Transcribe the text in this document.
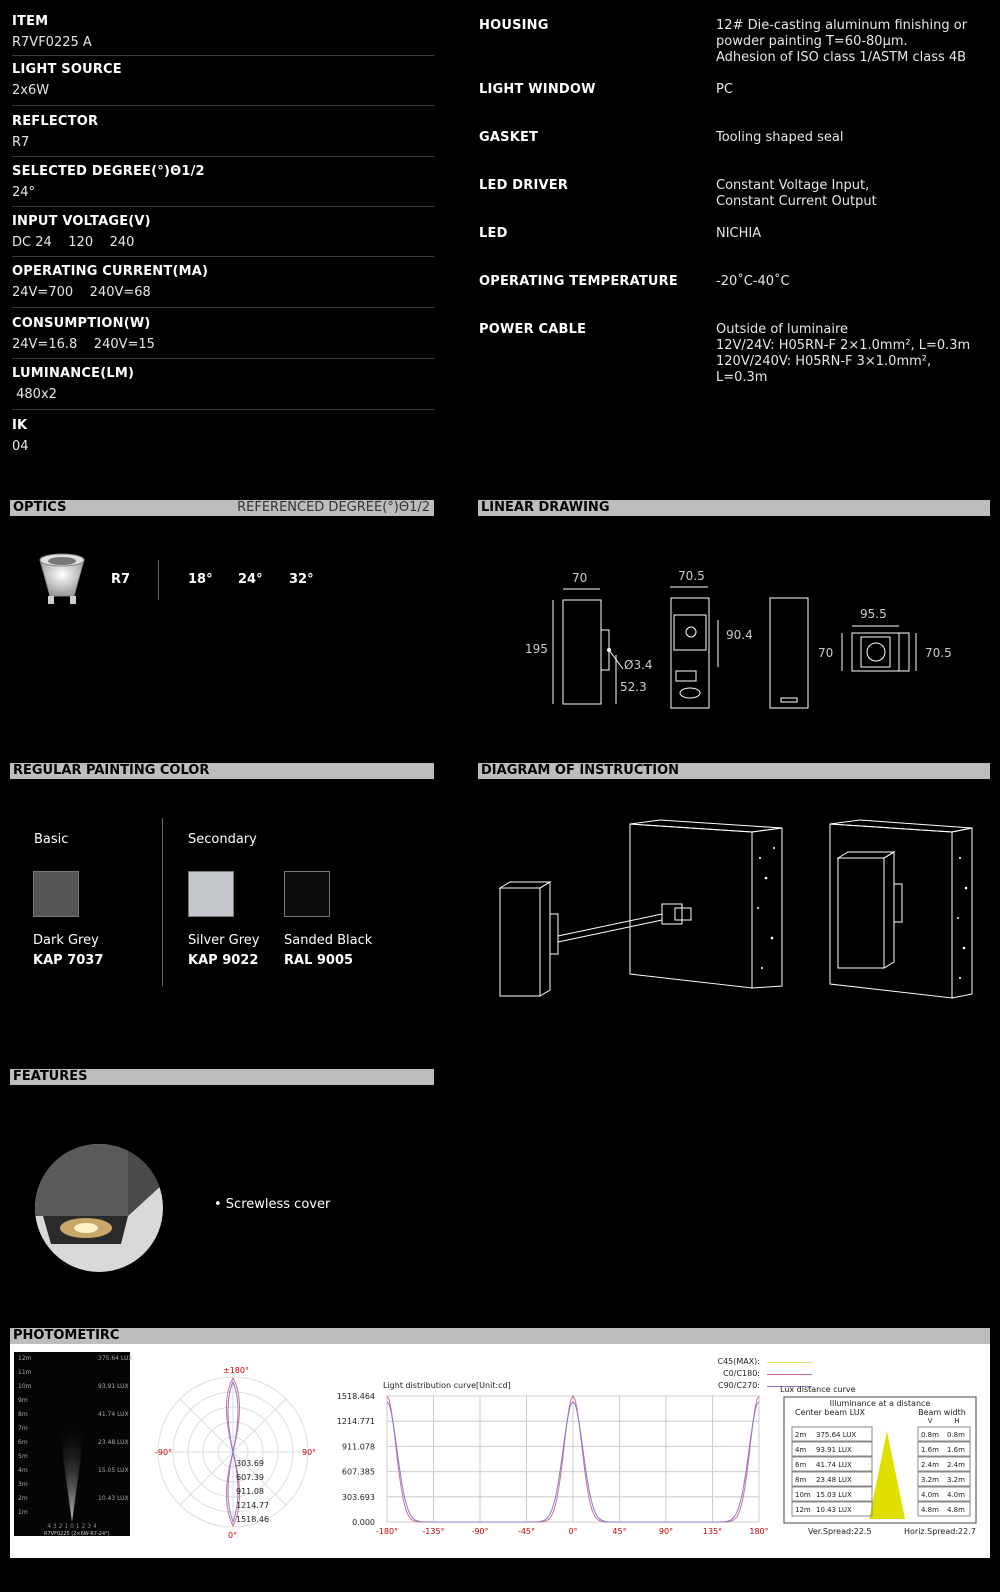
ITEM
R7VF0225 A
LIGHT SOURCE
2x6W
REFLECTOR
R7
SELECTED DEGREE(°)Θ1/2
24°
INPUT VOLTAGE(V)
DC 24    120    240
OPERATING CURRENT(MA)
24V=700    240V=68
CONSUMPTION(W)
24V=16.8    240V=15
LUMINANCE(LM)
480x2
IK
04
HOUSING	12# Die-casting aluminum finishing or powder painting T=60-80μm.
Adhesion of ISO class 1/ASTM class 4B
LIGHT WINDOW	PC
GASKET	Tooling shaped seal
LED DRIVER	Constant Voltage Input,
Constant Current Output
LED	NICHIA
OPERATING TEMPERATURE	-20˚C-40˚C
POWER CABLE	Outside of luminaire
12V/24V: H05RN-F 2×1.0mm², L=0.3m
120V/240V: H05RN-F 3×1.0mm², L=0.3m
OPTICS	REFERENCED DEGREE(°)Θ1/2
R7	18° 24° 32°
LINEAR DRAWING
70	70.5
195
Ø3.4
52.3
90.4
95.5
70	70.5
REGULAR PAINTING COLOR
Basic	Secondary
Dark Grey
KAP 7037
Silver Grey
KAP 9022
Sanded Black
RAL 9005
DIAGRAM OF INSTRUCTION
FEATURES
• Screwless cover
PHOTOMETIRC
12m
11m
10m
9m
8m
7m
6m
5m
4m
3m
2m
1m
375.64 LUX
93.91 LUX
41.74 LUX
23.48 LUX
15.05 LUX
10.43 LUX
4 3 2 1 0 1 2 3 4
R7VF0225 (2×6W-R7-24°)
±180°
-90°	90°
0°
303.69
607.39
911.08
1214.77
1518.46
C45(MAX):
C0/C180:
C90/C270:
Light distribution curve[Unit:cd]
-180°	-135°	-90°	-45°	0°	45°	90°	135°	180°
0.000
303.693
607.385
911.078
1214.771
1518.464
Lux distance curve
Illuminance at a distance
Center beam LUX	Beam width
V	H
2m 375.64 LUX	0.8m 0.8m
4m 93.91 LUX	1.6m 1.6m
6m 41.74 LUX	2.4m 2.4m
8m 23.48 LUX	3.2m 3.2m
10m 15.03 LUX	4.0m 4.0m
12m 10.43 LUX	4.8m 4.8m
Ver.Spread:22.5	Horiz.Spread:22.7
